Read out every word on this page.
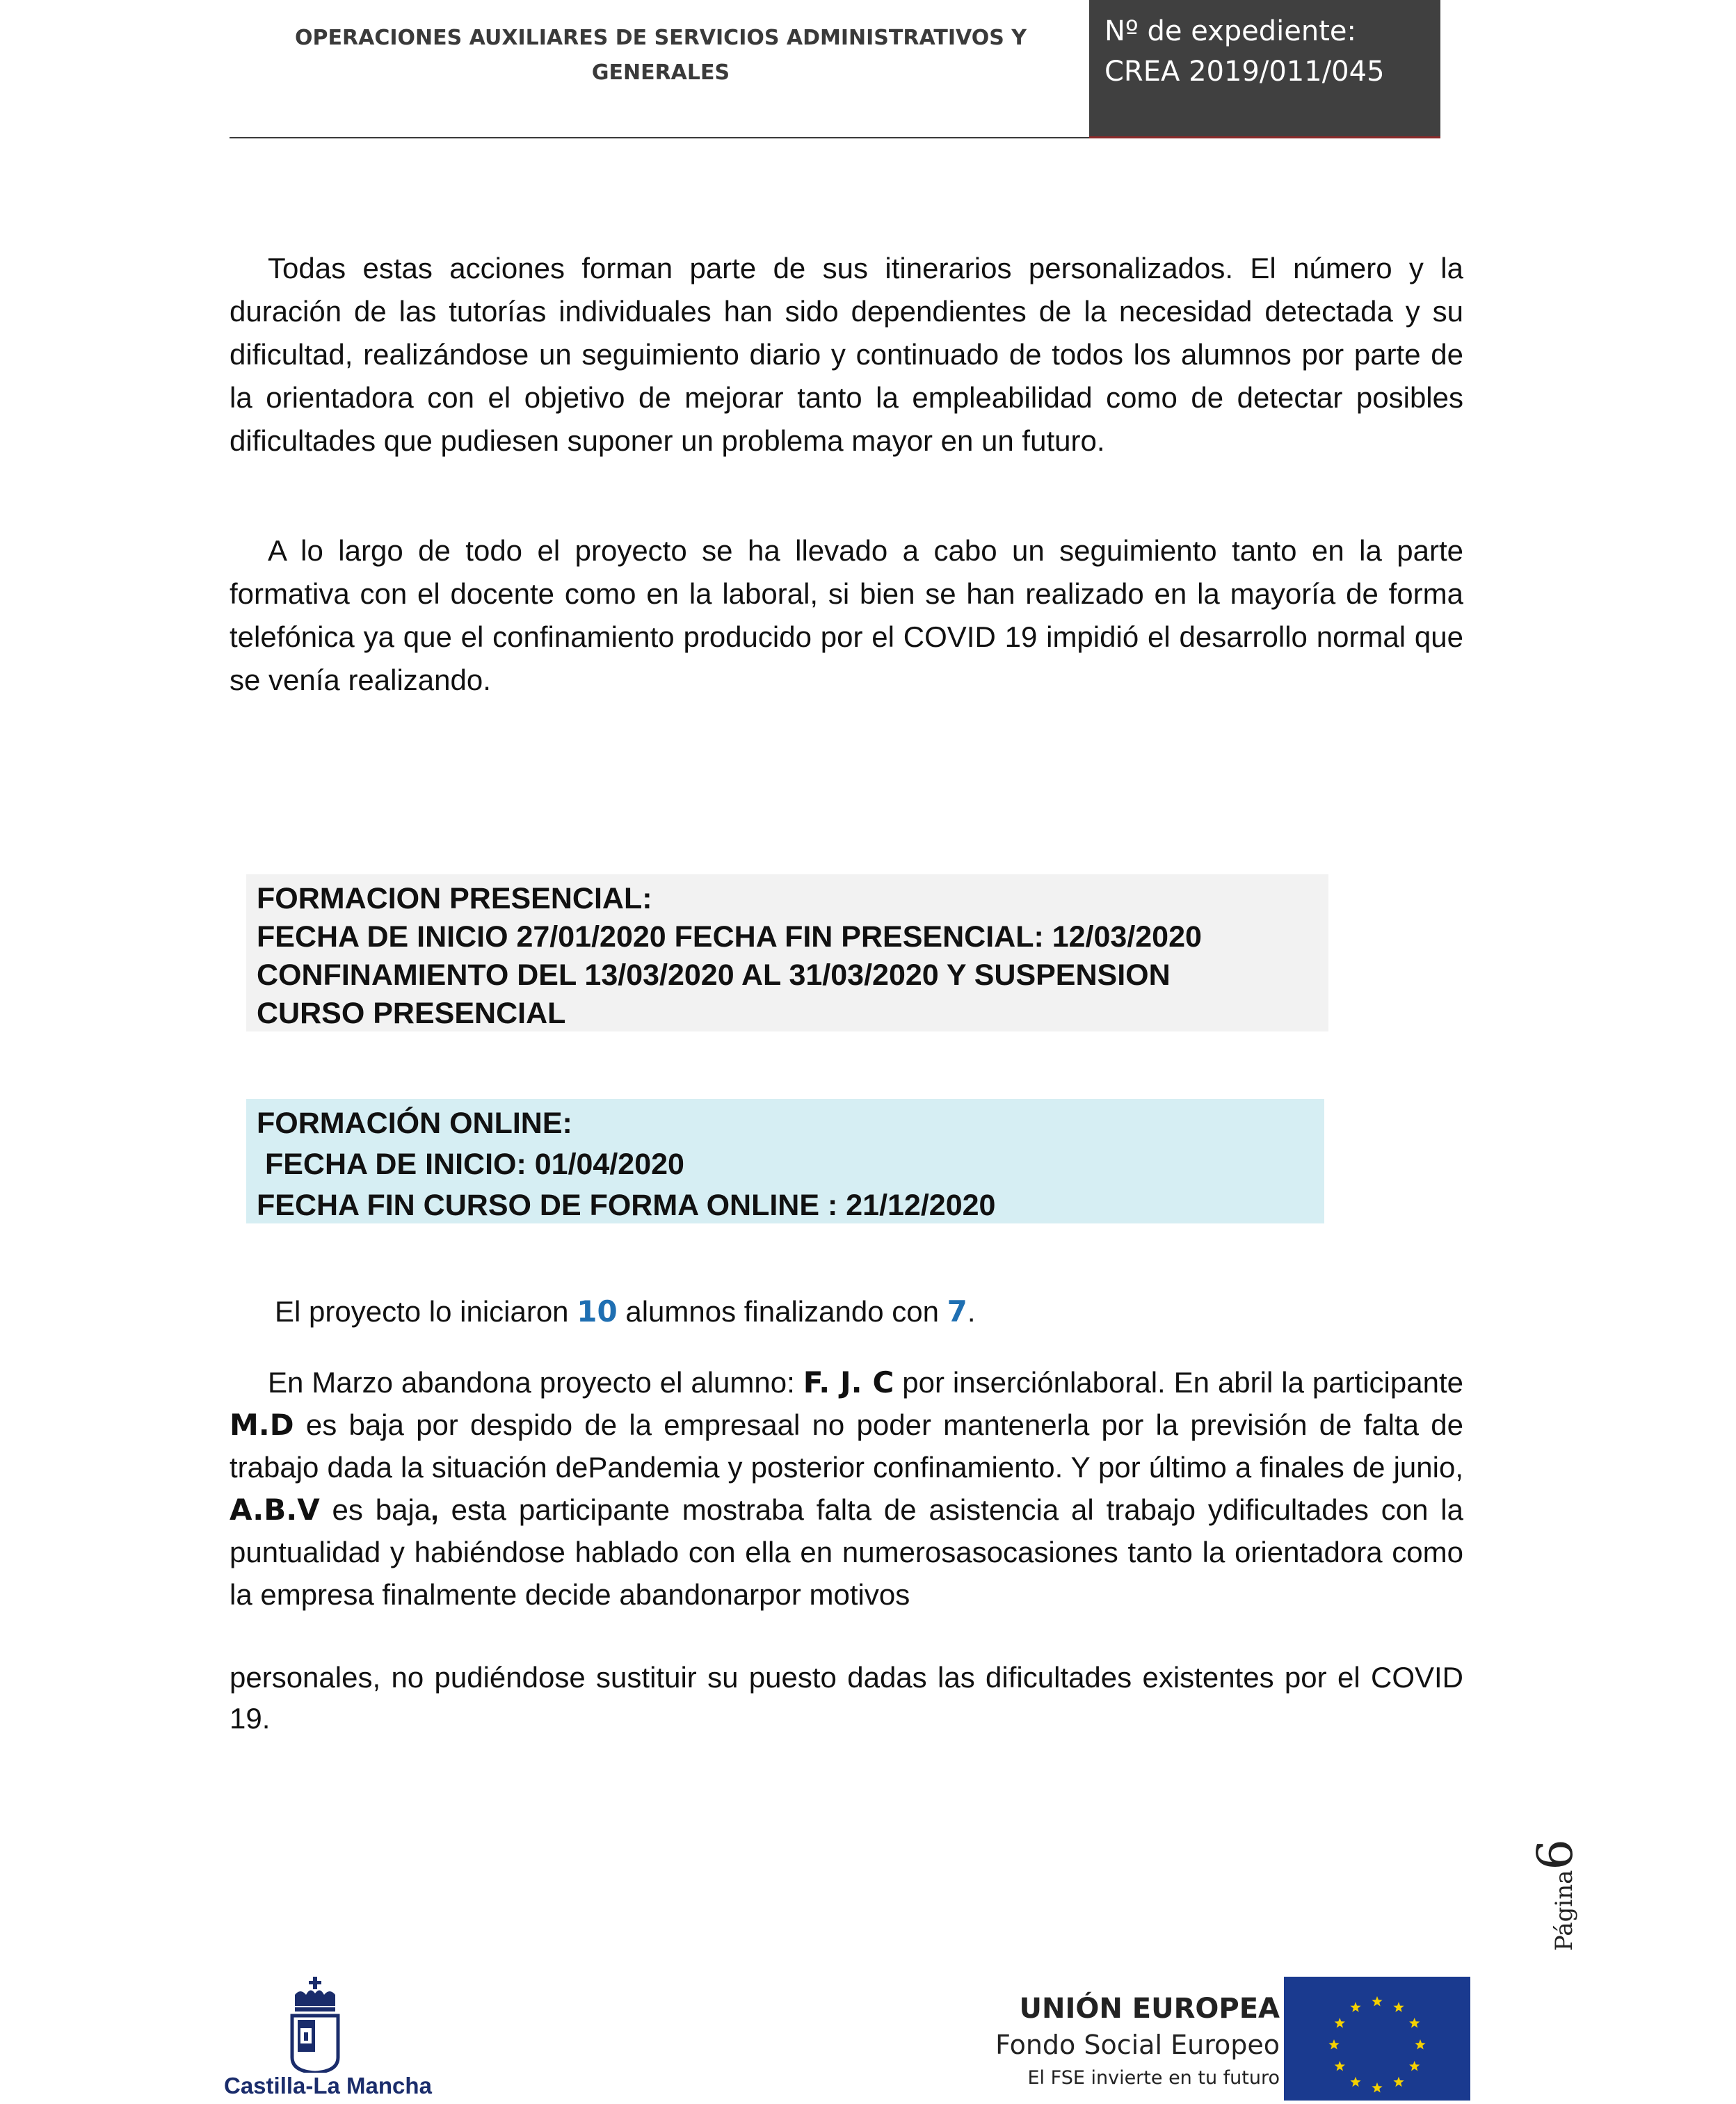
OPERACIONES AUXILIARES DE SERVICIOS ADMINISTRATIVOS Y
GENERALES
Nº de expediente:
CREA 2019/011/045
Todas estas acciones forman parte de sus itinerarios personalizados. El número y la duración de las tutorías individuales han sido dependientes de la necesidad detectada y su dificultad, realizándose un seguimiento diario y continuado de todos los alumnos por parte de la orientadora con el objetivo de mejorar tanto la empleabilidad como de detectar posibles dificultades que pudiesen suponer un problema mayor en un futuro.
A lo largo de todo el proyecto se ha llevado a cabo un seguimiento tanto en la parte formativa con el docente como en la laboral, si bien se han realizado en la mayoría de forma telefónica ya que el confinamiento producido por el COVID 19 impidió el desarrollo normal que se venía realizando.
FORMACION PRESENCIAL:
FECHA DE INICIO 27/01/2020 FECHA FIN PRESENCIAL: 12/03/2020
CONFINAMIENTO DEL 13/03/2020 AL 31/03/2020 Y SUSPENSION
CURSO PRESENCIAL
FORMACIÓN ONLINE:
FECHA DE INICIO: 01/04/2020
FECHA FIN CURSO DE FORMA ONLINE : 21/12/2020
El proyecto lo iniciaron 10 alumnos finalizando con 7.
En Marzo abandona proyecto el alumno: F. J. C por inserciónlaboral. En abril la participante M.D es baja por despido de la empresaal no poder mantenerla por la previsión de falta de trabajo dada la situación dePandemia y posterior confinamiento. Y por último a finales de junio, A.B.V es baja, esta participante mostraba falta de asistencia al trabajo ydificultades con la puntualidad y habiéndose hablado con ella en numerosasocasiones tanto la orientadora como la empresa finalmente decide abandonarpor motivos
personales, no pudiéndose sustituir su puesto dadas las dificultades existentes por el COVID 19.
Página6
Castilla-La Mancha
UNIÓN EUROPEA
Fondo Social Europeo
El FSE invierte en tu futuro
